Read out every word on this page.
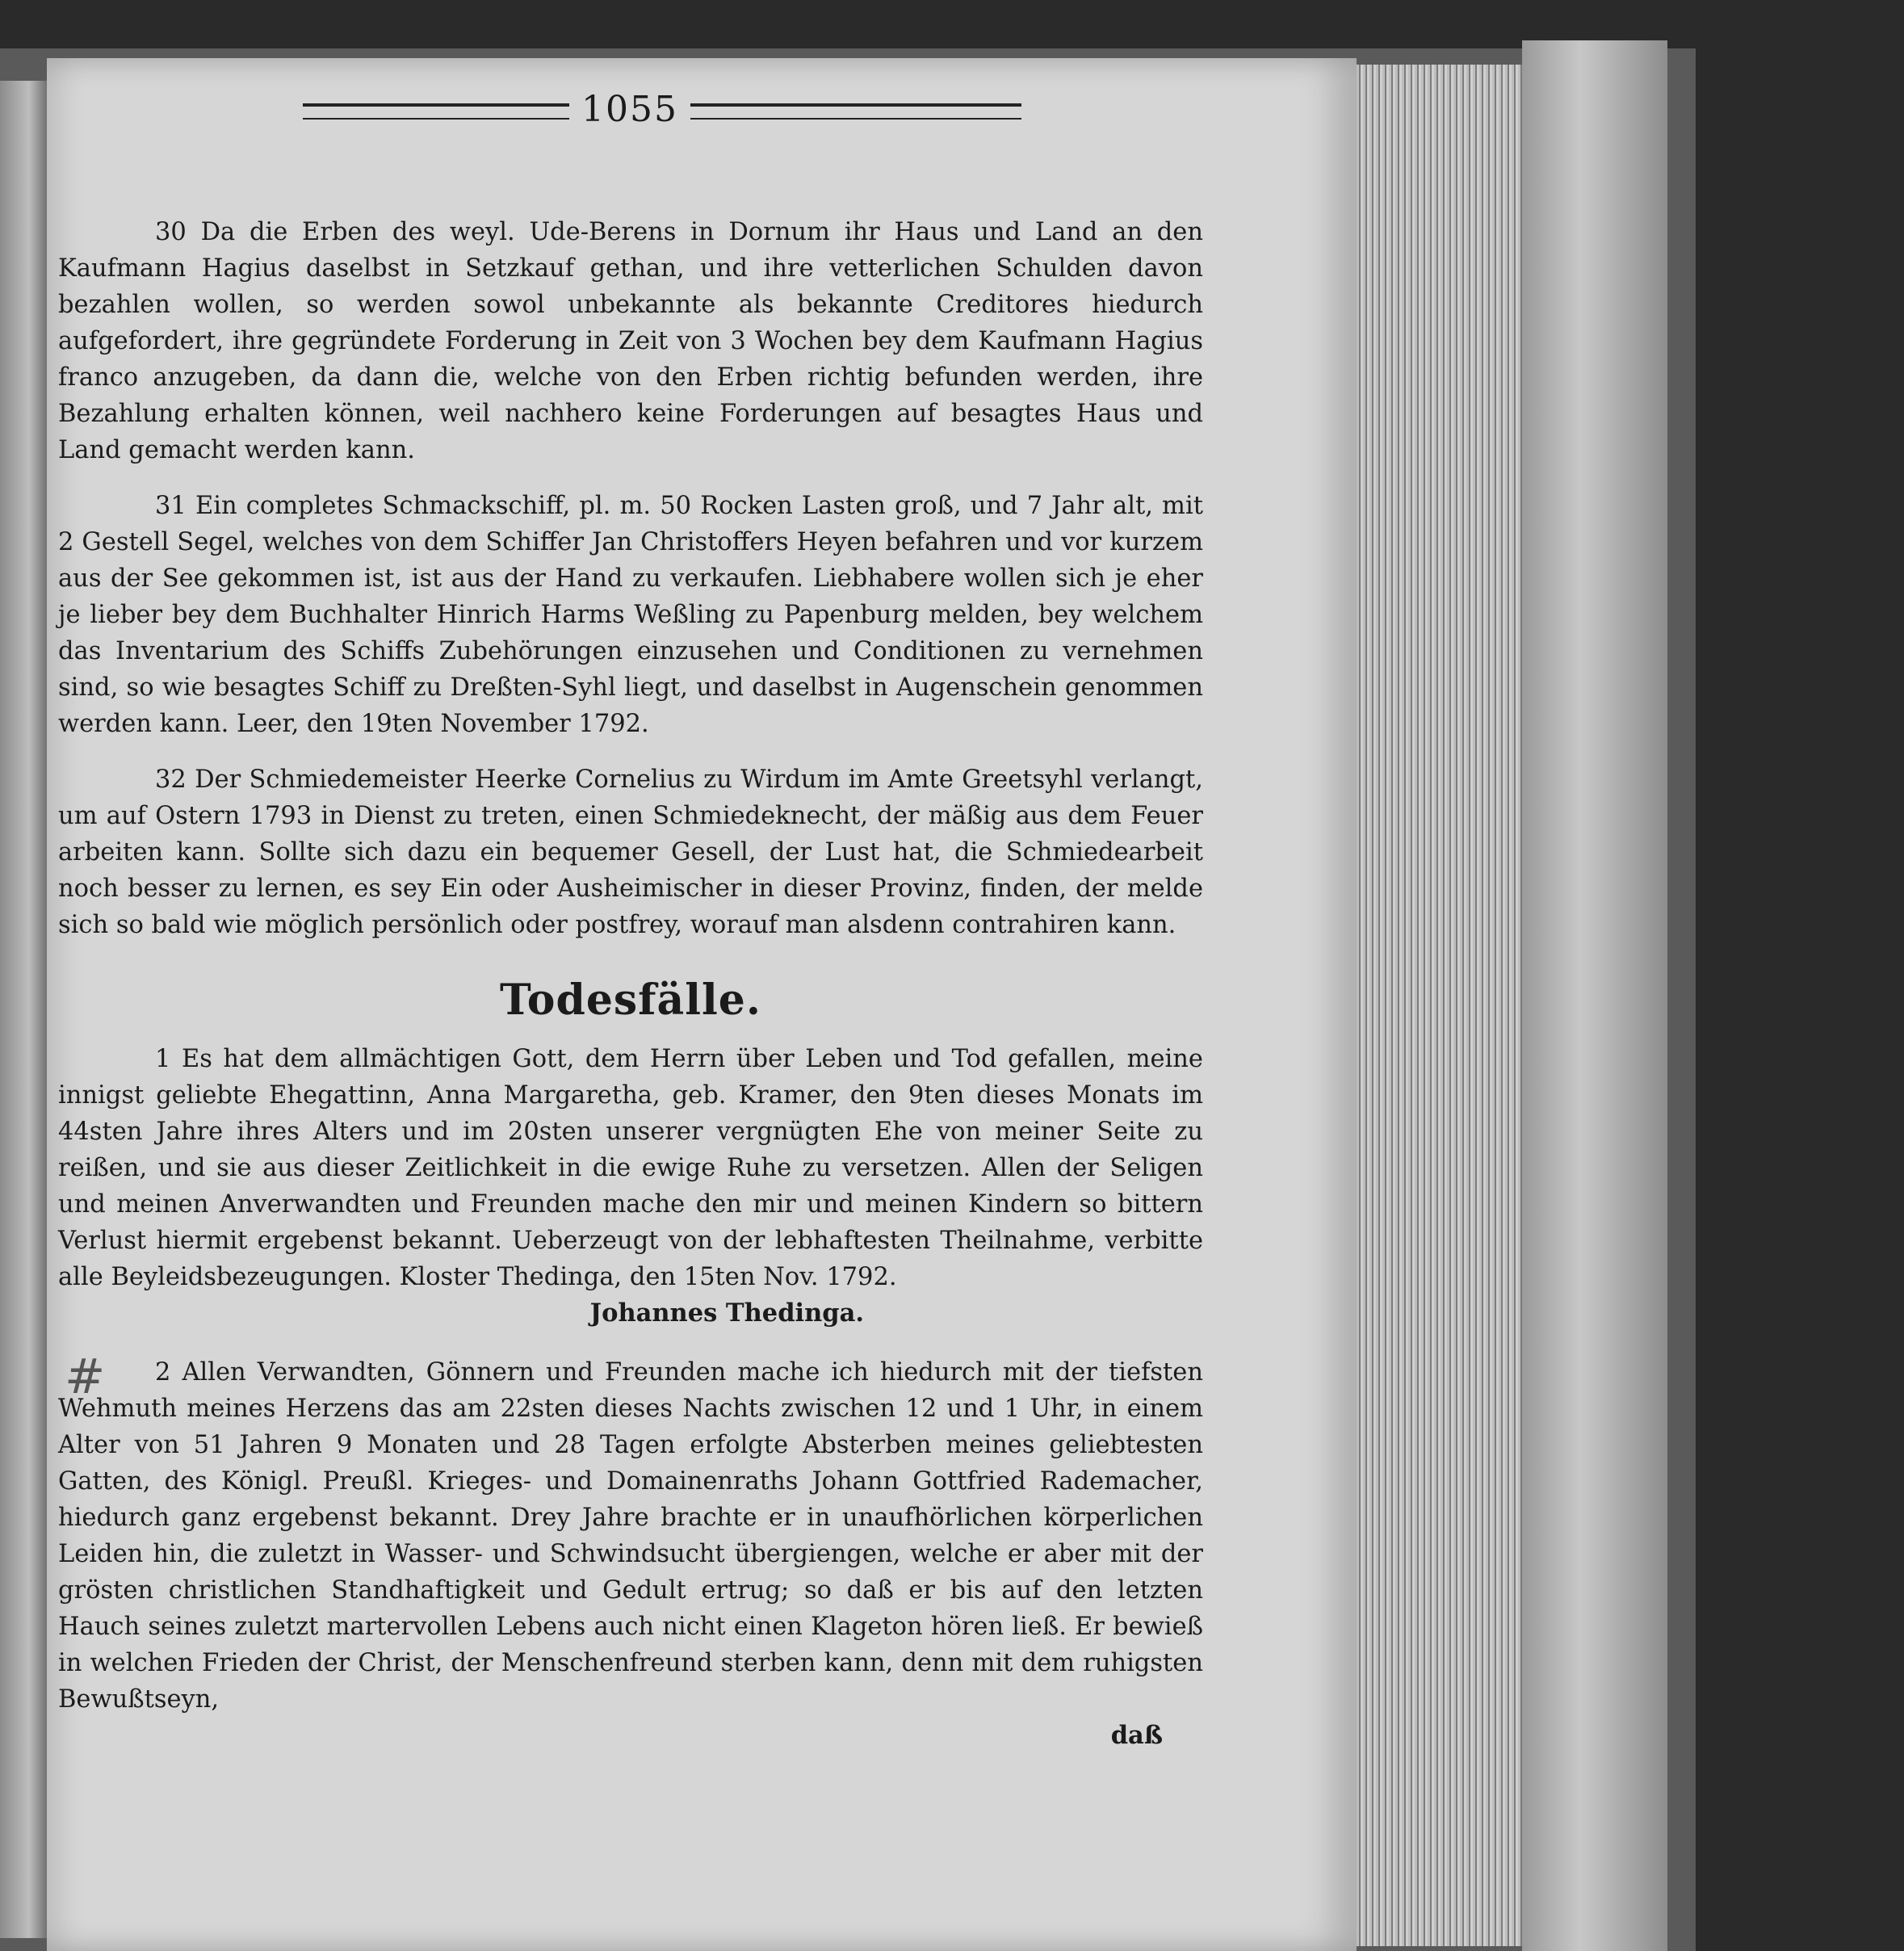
1055

30 Da die Erben des weyl. Ude-Berens in Dornum ihr Haus und Land an den Kaufmann Hagius daselbst in Setzkauf gethan, und ihre vetterlichen Schulden davon bezahlen wollen, so werden sowol unbekannte als bekannte Creditores hiedurch aufgefordert, ihre gegründete Forderung in Zeit von 3 Wochen bey dem Kaufmann Hagius franco anzugeben, da dann die, welche von den Erben richtig befunden werden, ihre Bezahlung erhalten können, weil nachhero keine Forderungen auf besagtes Haus und Land gemacht werden kann.

31 Ein completes Schmackschiff, pl. m. 50 Rocken Lasten groß, und 7 Jahr alt, mit 2 Gestell Segel, welches von dem Schiffer Jan Christoffers Heyen befahren und vor kurzem aus der See gekommen ist, ist aus der Hand zu verkaufen. Liebhabere wollen sich je eher je lieber bey dem Buchhalter Hinrich Harms Weßling zu Papenburg melden, bey welchem das Inventarium des Schiffs Zubehörungen einzusehen und Conditionen zu vernehmen sind, so wie besagtes Schiff zu Dreßten-Syhl liegt, und daselbst in Augenschein genommen werden kann. Leer, den 19ten November 1792.

32 Der Schmiedemeister Heerke Cornelius zu Wirdum im Amte Greetsyhl verlangt, um auf Ostern 1793 in Dienst zu treten, einen Schmiedeknecht, der mäßig aus dem Feuer arbeiten kann. Sollte sich dazu ein bequemer Gesell, der Lust hat, die Schmiedearbeit noch besser zu lernen, es sey Ein oder Ausheimischer in dieser Provinz, finden, der melde sich so bald wie möglich persönlich oder postfrey, worauf man alsdenn contrahiren kann.

Todesfälle.

1 Es hat dem allmächtigen Gott, dem Herrn über Leben und Tod gefallen, meine innigst geliebte Ehegattinn, Anna Margaretha, geb. Kramer, den 9ten dieses Monats im 44sten Jahre ihres Alters und im 20sten unserer vergnügten Ehe von meiner Seite zu reißen, und sie aus dieser Zeitlichkeit in die ewige Ruhe zu versetzen. Allen der Seligen und meinen Anverwandten und Freunden mache den mir und meinen Kindern so bittern Verlust hiermit ergebenst bekannt. Ueberzeugt von der lebhaftesten Theilnahme, verbitte alle Beyleidsbezeugungen. Kloster Thedinga, den 15ten Nov. 1792.

Johannes Thedinga.

2 Allen Verwandten, Gönnern und Freunden mache ich hiedurch mit der tiefsten Wehmuth meines Herzens das am 22sten dieses Nachts zwischen 12 und 1 Uhr, in einem Alter von 51 Jahren 9 Monaten und 28 Tagen erfolgte Absterben meines geliebtesten Gatten, des Königl. Preußl. Krieges- und Domainenraths Johann Gottfried Rademacher, hiedurch ganz ergebenst bekannt. Drey Jahre brachte er in unaufhörlichen körperlichen Leiden hin, die zuletzt in Wasser- und Schwindsucht übergiengen, welche er aber mit der grösten christlichen Standhaftigkeit und Gedult ertrug; so daß er bis auf den letzten Hauch seines zuletzt martervollen Lebens auch nicht einen Klageton hören ließ. Er bewieß in welchen Frieden der Christ, der Menschenfreund sterben kann, denn mit dem ruhigsten Bewußtseyn,

daß
#
